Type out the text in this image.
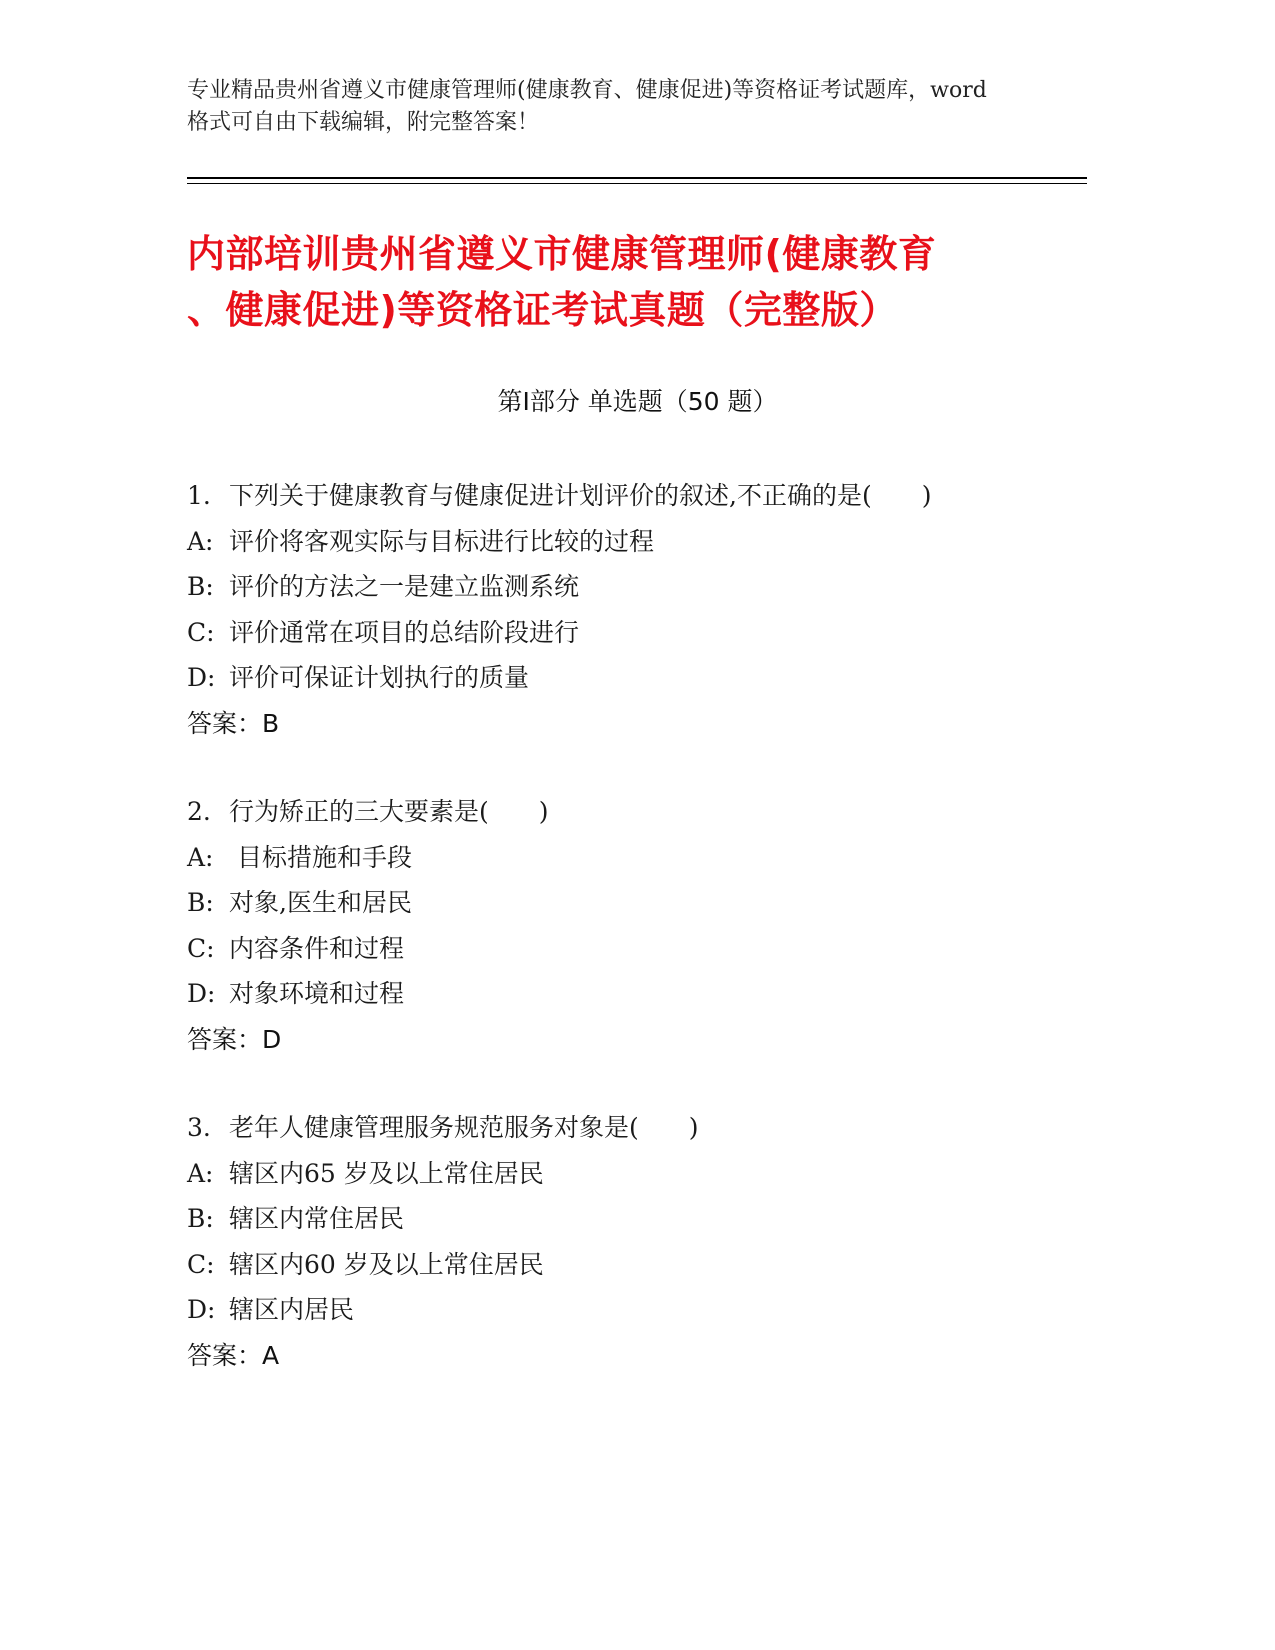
专业精品贵州省遵义市健康管理师(健康教育、健康促进)等资格证考试题库，word
格式可自由下载编辑，附完整答案！
内部培训贵州省遵义市健康管理师(健康教育
、健康促进)等资格证考试真题（完整版）
第Ⅰ部分 单选题（50 题）
1. 下列关于健康教育与健康促进计划评价的叙述,不正确的是(　　)
A: 评价将客观实际与目标进行比较的过程
B: 评价的方法之一是建立监测系统
C: 评价通常在项目的总结阶段进行
D: 评价可保证计划执行的质量
答案：B
2. 行为矫正的三大要素是(　　)
A: 目标措施和手段
B: 对象,医生和居民
C: 内容条件和过程
D: 对象环境和过程
答案：D
3. 老年人健康管理服务规范服务对象是(　　)
A: 辖区内65 岁及以上常住居民
B: 辖区内常住居民
C: 辖区内60 岁及以上常住居民
D: 辖区内居民
答案：A
